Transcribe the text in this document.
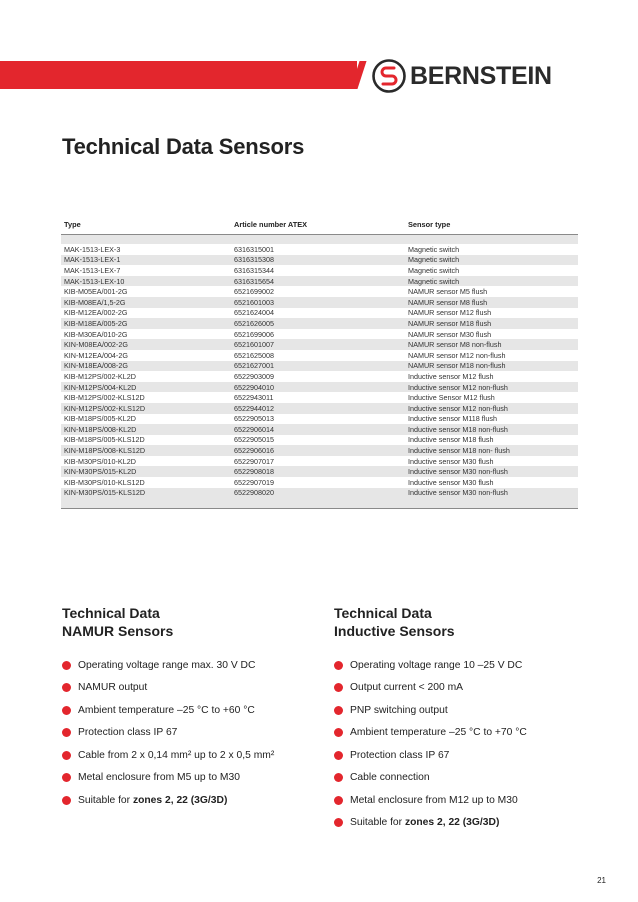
BERNSTEIN
Technical Data Sensors
Type	Article number ATEX	Sensor type
MAK-1513-LEX-3	6316315001	Magnetic switch
MAK-1513-LEX-1	6316315308	Magnetic switch
MAK-1513-LEX-7	6316315344	Magnetic switch
MAK-1513-LEX-10	6316315654	Magnetic switch
KIB-M05EA/001-2G	6521699002	NAMUR sensor M5 flush
KIB-M08EA/1,5-2G	6521601003	NAMUR sensor M8 flush
KIB-M12EA/002-2G	6521624004	NAMUR sensor M12 flush
KIB-M18EA/005-2G	6521626005	NAMUR sensor M18 flush
KIB-M30EA/010-2G	6521699006	NAMUR sensor M30 flush
KIN-M08EA/002-2G	6521601007	NAMUR sensor M8 non-flush
KIN-M12EA/004-2G	6521625008	NAMUR sensor M12 non-flush
KIN-M18EA/008-2G	6521627001	NAMUR sensor M18 non-flush
KIB-M12PS/002-KL2D	6522903009	Inductive sensor M12 flush
KIN-M12PS/004-KL2D	6522904010	Inductive sensor M12 non-flush
KIB-M12PS/002-KLS12D	6522943011	Inductive Sensor M12 flush
KIN-M12PS/002-KLS12D	6522944012	Inductive sensor M12 non-flush
KIB-M18PS/005-KL2D	6522905013	Inductive sensor M118 flush
KIN-M18PS/008-KL2D	6522906014	Inductive sensor M18 non-flush
KIB-M18PS/005-KLS12D	6522905015	Inductive sensor M18 flush
KIN-M18PS/008-KLS12D	6522906016	Inductive sensor M18 non- flush
KIB-M30PS/010-KL2D	6522907017	Inductive sensor M30 flush
KIN-M30PS/015-KL2D	6522908018	Inductive sensor M30 non-flush
KIB-M30PS/010-KLS12D	6522907019	Inductive sensor M30 flush
KIN-M30PS/015-KLS12D	6522908020	Inductive sensor M30 non-flush
Technical Data
NAMUR Sensors
Operating voltage range max. 30 V DC
NAMUR output
Ambient temperature –25 °C to +60 °C
Protection class IP 67
Cable from 2 x 0,14 mm² up to 2 x 0,5 mm²
Metal enclosure from M5 up to M30
Suitable for zones 2, 22 (3G/3D)
Technical Data
Inductive Sensors
Operating voltage range 10 –25 V DC
Output current < 200 mA
PNP switching output
Ambient temperature –25 °C to +70 °C
Protection class IP 67
Cable connection
Metal enclosure from M12 up to M30
Suitable for zones 2, 22 (3G/3D)
21
